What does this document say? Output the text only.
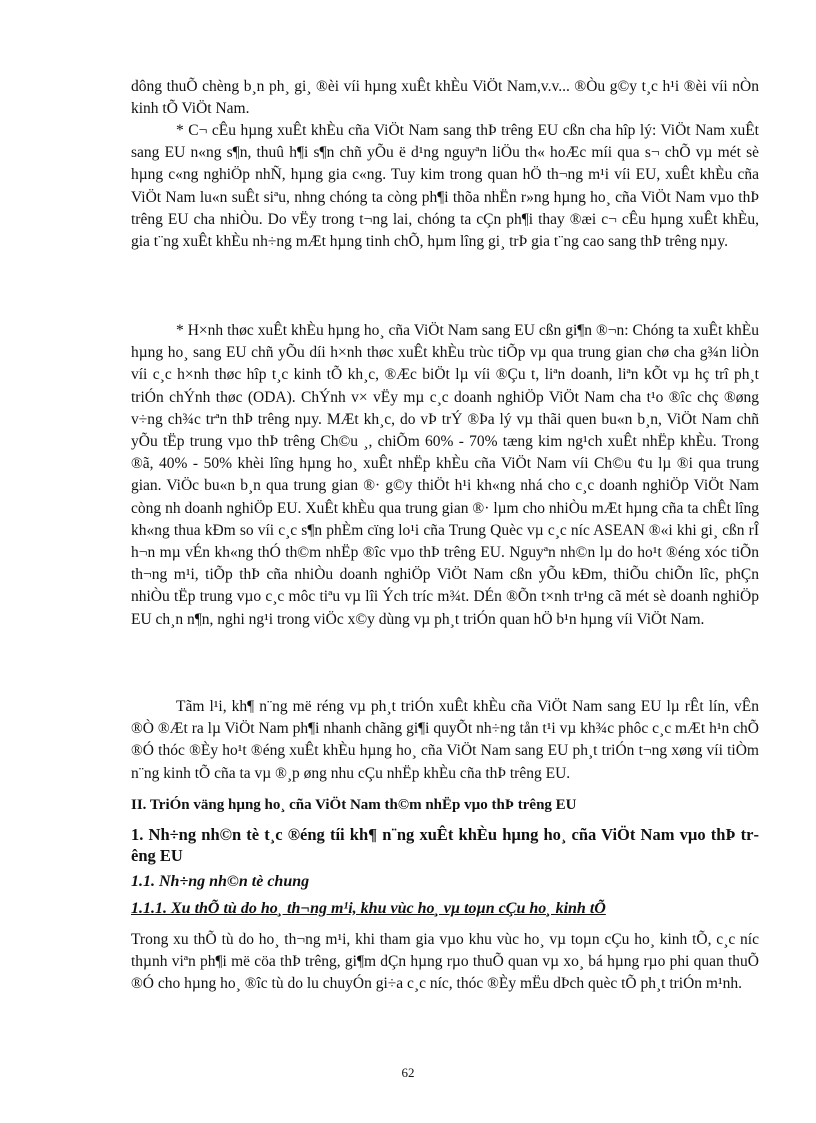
dông thuÕ chèng b¸n ph¸ gi¸ ®èi víi hµng xuÊt khÈu ViÖt Nam,v.v... ®Òu g©y t¸c h¹i ®èi víi nÒn kinh tÕ ViÖt Nam.

* C¬ cÊu hµng xuÊt khÈu cña ViÖt Nam sang thÞ trêng EU cßn cha hîp lý: ViÖt Nam xuÊt sang EU n«ng s¶n, thuû h¶i s¶n chñ yÕu ë d¹ng nguyªn liÖu th« hoÆc míi qua s¬ chÕ vµ mét sè hµng c«ng nghiÖp nhÑ, hµng gia c«ng. Tuy kim trong quan hÖ th¬ng m¹i víi EU, xuÊt khÈu cña ViÖt Nam lu«n suÊt siªu, nhng chóng ta còng ph¶i thõa nhËn r»ng hµng ho¸ cña ViÖt Nam vµo thÞ trêng EU cha nhiÒu. Do vËy trong t¬ng lai, chóng ta cÇn ph¶i thay ®æi c¬ cÊu hµng xuÊt khÈu, gia t¨ng xuÊt khÈu nh÷ng mÆt hµng tinh chÕ, hµm lîng gi¸ trÞ gia t¨ng cao sang thÞ trêng nµy.

* H×nh thøc xuÊt khÈu hµng ho¸ cña ViÖt Nam sang EU cßn gi¶n ®¬n: Chóng ta xuÊt khÈu hµng ho¸ sang EU chñ yÕu díi h×nh thøc xuÊt khÈu trùc tiÕp vµ qua trung gian chø cha g¾n liÒn víi c¸c h×nh thøc hîp t¸c kinh tÕ kh¸c, ®Æc biÖt lµ víi ®Çu t, liªn doanh, liªn kÕt vµ hç trî ph¸t triÓn chÝnh thøc (ODA). ChÝnh v× vËy mµ c¸c doanh nghiÖp ViÖt Nam cha t¹o ®îc chç ®øng v÷ng ch¾c trªn thÞ trêng nµy. MÆt kh¸c, do vÞ trÝ ®Þa lý vµ thãi quen bu«n b¸n, ViÖt Nam chñ yÕu tËp trung vµo thÞ trêng Ch©u ¸, chiÕm 60% - 70% tæng kim ng¹ch xuÊt nhËp khÈu. Trong ®ã, 40% - 50% khèi lîng hµng ho¸ xuÊt nhËp khÈu cña ViÖt Nam víi Ch©u ¢u lµ ®i qua trung gian. ViÖc bu«n b¸n qua trung gian ®· g©y thiÖt h¹i kh«ng nhá cho c¸c doanh nghiÖp ViÖt Nam còng nh doanh nghiÖp EU. XuÊt khÈu qua trung gian ®· lµm cho nhiÒu mÆt hµng cña ta chÊt lîng kh«ng thua kÐm so víi c¸c s¶n phÈm cïng lo¹i cña Trung Quèc vµ c¸c níc ASEAN ®«i khi gi¸ cßn rÎ h¬n mµ vÉn kh«ng thÓ th©m nhËp ®îc vµo thÞ trêng EU. Nguyªn nh©n lµ do ho¹t ®éng xóc tiÕn th¬ng m¹i, tiÕp thÞ cña nhiÒu doanh nghiÖp ViÖt Nam cßn yÕu kÐm, thiÕu chiÕn lîc, phÇn nhiÒu tËp trung vµo c¸c môc tiªu vµ lîi Ých tríc m¾t. DÉn ®Õn t×nh tr¹ng cã mét sè doanh nghiÖp EU ch¸n n¶n, nghi ng¹i trong viÖc x©y dùng vµ ph¸t triÓn quan hÖ b¹n hµng víi ViÖt Nam.

Tãm l¹i, kh¶ n¨ng më réng vµ ph¸t triÓn xuÊt khÈu cña ViÖt Nam sang EU lµ rÊt lín, vÊn ®Ò ®Æt ra lµ ViÖt Nam ph¶i nhanh chãng gi¶i quyÕt nh÷ng tån t¹i vµ kh¾c phôc c¸c mÆt h¹n chÕ ®Ó thóc ®Èy ho¹t ®éng xuÊt khÈu hµng ho¸ cña ViÖt Nam sang EU ph¸t triÓn t¬ng xøng víi tiÒm n¨ng kinh tÕ cña ta vµ ®¸p øng nhu cÇu nhËp khÈu cña thÞ trêng EU.

II. TriÓn väng hµng ho¸ cña ViÖt Nam th©m nhËp vµo thÞ trêng EU

1. Nh÷ng nh©n tè t¸c ®éng tíi kh¶ n¨ng xuÊt khÈu hµng ho¸ cña ViÖt Nam vµo thÞ trêng EU

1.1. Nh÷ng nh©n tè chung

1.1.1. Xu thÕ tù do ho¸ th¬ng m¹i, khu vùc ho¸ vµ toµn cÇu ho¸ kinh tÕ

Trong xu thÕ tù do ho¸ th¬ng m¹i, khi tham gia vµo khu vùc ho¸ vµ toµn cÇu ho¸ kinh tÕ, c¸c níc thµnh viªn ph¶i më cöa thÞ trêng, gi¶m dÇn hµng rµo thuÕ quan vµ xo¸ bá hµng rµo phi quan thuÕ ®Ó cho hµng ho¸ ®îc tù do lu chuyÓn gi÷a c¸c níc, thóc ®Èy mËu dÞch quèc tÕ ph¸t triÓn m¹nh.

62
